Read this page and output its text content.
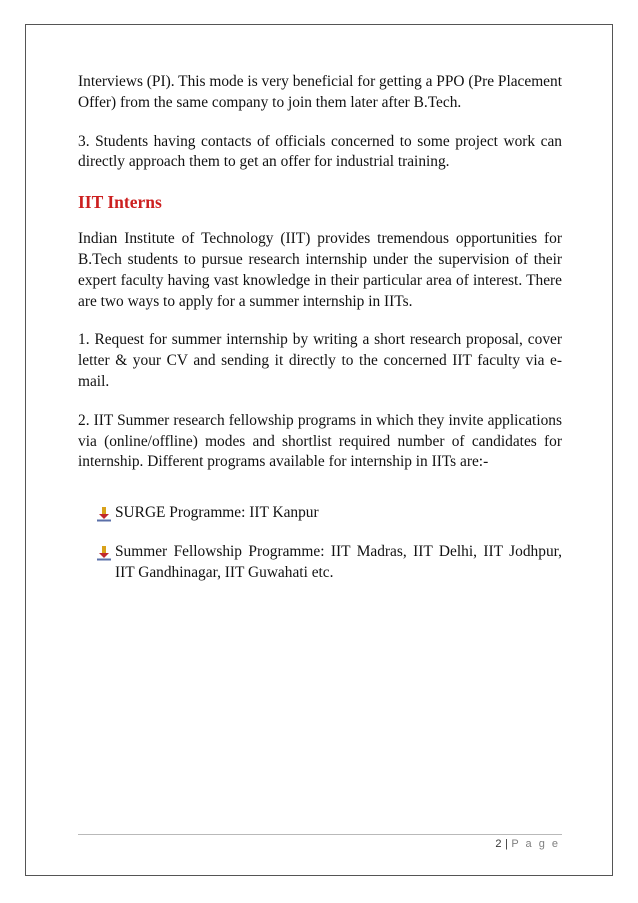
Interviews (PI). This mode is very beneficial for getting a PPO (Pre Placement Offer) from the same company to join them later after B.Tech.

3. Students having contacts of officials concerned to some project work can directly approach them to get an offer for industrial training.

IIT Interns

Indian Institute of Technology (IIT) provides tremendous opportunities for B.Tech students to pursue research internship under the supervision of their expert faculty having vast knowledge in their particular area of interest. There are two ways to apply for a summer internship in IITs.

1. Request for summer internship by writing a short research proposal, cover letter & your CV and sending it directly to the concerned IIT faculty via e-mail.

2. IIT Summer research fellowship programs in which they invite applications via (online/offline) modes and shortlist required number of candidates for internship. Different programs available for internship in IITs are:-

SURGE Programme: IIT Kanpur
Summer Fellowship Programme: IIT Madras, IIT Delhi, IIT Jodhpur, IIT Gandhinagar, IIT Guwahati etc.
2 | P a g e
